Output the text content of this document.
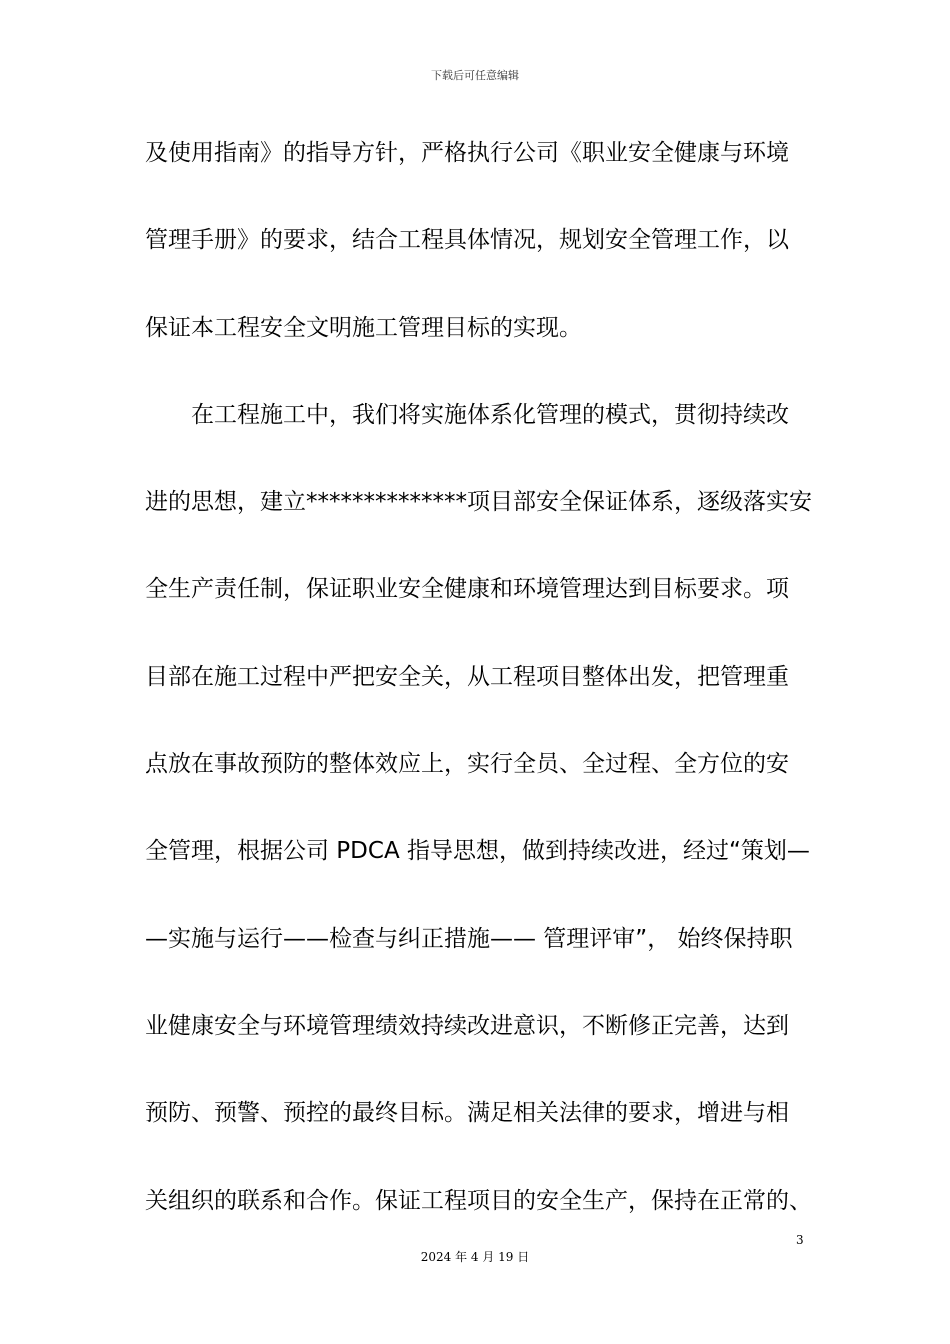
下载后可任意编辑
及使用指南》的指导方针，严格执行公司《职业安全健康与环境
管理手册》的要求，结合工程具体情况，规划安全管理工作，以
保证本工程安全文明施工管理目标的实现。
在工程施工中，我们将实施体系化管理的模式，贯彻持续改
进的思想，建立**************项目部安全保证体系，逐级落实安
全生产责任制，保证职业安全健康和环境管理达到目标要求。项
目部在施工过程中严把安全关，从工程项目整体出发，把管理重
点放在事故预防的整体效应上，实行全员、全过程、全方位的安
全管理，根据公司 PDCA 指导思想，做到持续改进，经过“策划—
—实施与运行——检查与纠正措施—— 管理评审”， 始终保持职
业健康安全与环境管理绩效持续改进意识，不断修正完善，达到
预防、预警、预控的最终目标。满足相关法律的要求，增进与相
关组织的联系和合作。保证工程项目的安全生产，保持在正常的、
3
2024 年 4 月 19 日
